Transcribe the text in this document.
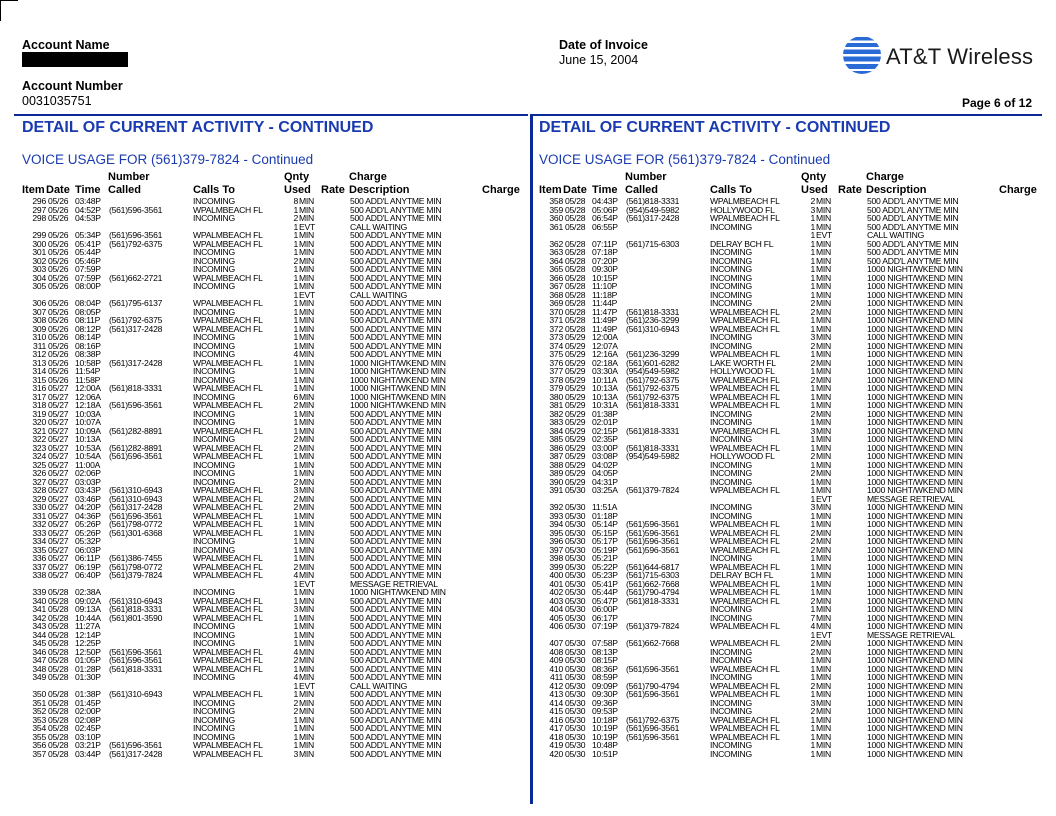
Account Name
Account Number
0031035751
Date of Invoice
June 15, 2004	AT&T Wireless
Page 6 of 12
DETAIL OF CURRENT ACTIVITY - CONTINUED	DETAIL OF CURRENT ACTIVITY - CONTINUED
VOICE USAGE FOR (561)379-7824 - Continued	VOICE USAGE FOR (561)379-7824 - Continued
Number	Qnty	Charge
Item Date Time Called	Calls To	Used Rate Description	Charge
Number	Qnty	Charge
Item Date Time Called	Calls To	Used Rate Description	Charge
296 05/26 03:48P	INCOMING	8 MIN	500 ADD'L ANYTME MIN
297 05/26 04:52P (561)596-3561	WPALMBEACH FL	1 MIN	500 ADD'L ANYTME MIN
298 05/26 04:53P	INCOMING	2 MIN	500 ADD'L ANYTME MIN
1 EVT	CALL WAITING
299 05/26 05:34P (561)596-3561	WPALMBEACH FL	1 MIN	500 ADD'L ANYTME MIN
300 05/26 05:41P (561)792-6375	WPALMBEACH FL	1 MIN	500 ADD'L ANYTME MIN
301 05/26 05:44P	INCOMING	1 MIN	500 ADD'L ANYTME MIN
302 05/26 05:46P	INCOMING	2 MIN	500 ADD'L ANYTME MIN
303 05/26 07:59P	INCOMING	1 MIN	500 ADD'L ANYTME MIN
304 05/26 07:59P (561)662-2721	WPALMBEACH FL	1 MIN	500 ADD'L ANYTME MIN
305 05/26 08:00P	INCOMING	1 MIN	500 ADD'L ANYTME MIN
1 EVT	CALL WAITING
306 05/26 08:04P (561)795-6137	WPALMBEACH FL	1 MIN	500 ADD'L ANYTME MIN
307 05/26 08:05P	INCOMING	1 MIN	500 ADD'L ANYTME MIN
308 05/26 08:11P	(561)792-6375	WPALMBEACH FL	1 MIN	500 ADD'L ANYTME MIN
309 05/26 08:12P (561)317-2428	WPALMBEACH FL	1 MIN	500 ADD'L ANYTME MIN
310 05/26 08:14P	INCOMING	1 MIN	500 ADD'L ANYTME MIN
311 05/26 08:16P	INCOMING	1 MIN	500 ADD'L ANYTME MIN
312 05/26 08:38P	INCOMING	4 MIN	500 ADD'L ANYTME MIN
313 05/26 10:58P (561)317-2428	WPALMBEACH FL	1 MIN	1000 NIGHT/WKEND MIN
314 05/26 11:54P	INCOMING	1 MIN	1000 NIGHT/WKEND MIN
315 05/26 11:58P	INCOMING	1 MIN	1000 NIGHT/WKEND MIN
316 05/27 12:00A (561)818-3331	WPALMBEACH FL	1 MIN	1000 NIGHT/WKEND MIN
317 05/27 12:06A	INCOMING	6 MIN	1000 NIGHT/WKEND MIN
318 05/27 12:18A (561)596-3561	WPALMBEACH FL	2 MIN	1000 NIGHT/WKEND MIN
319 05/27 10:03A	INCOMING	1 MIN	500 ADD'L ANYTME MIN
320 05/27 10:07A	INCOMING	1 MIN	500 ADD'L ANYTME MIN
321 05/27 10:09A (561)282-8891	WPALMBEACH FL	1 MIN	500 ADD'L ANYTME MIN
322 05/27 10:13A	INCOMING	2 MIN	500 ADD'L ANYTME MIN
323 05/27 10:53A (561)282-8891	WPALMBEACH FL	2 MIN	500 ADD'L ANYTME MIN
324 05/27 10:54A (561)596-3561	WPALMBEACH FL	1 MIN	500 ADD'L ANYTME MIN
325 05/27 11:00A	INCOMING	1 MIN	500 ADD'L ANYTME MIN
326 05/27 02:06P	INCOMING	1 MIN	500 ADD'L ANYTME MIN
327 05/27 03:03P	INCOMING	2 MIN	500 ADD'L ANYTME MIN
328 05/27 03:43P (561)310-6943	WPALMBEACH FL	3 MIN	500 ADD'L ANYTME MIN
329 05/27 03:46P (561)310-6943	WPALMBEACH FL	2 MIN	500 ADD'L ANYTME MIN
330 05/27 04:20P (561)317-2428	WPALMBEACH FL	2 MIN	500 ADD'L ANYTME MIN
331 05/27 04:36P (561)596-3561	WPALMBEACH FL	1 MIN	500 ADD'L ANYTME MIN
332 05/27 05:26P (561)798-0772	WPALMBEACH FL	1 MIN	500 ADD'L ANYTME MIN
333 05/27 05:26P (561)301-6368	WPALMBEACH FL	1 MIN	500 ADD'L ANYTME MIN
334 05/27 05:32P	INCOMING	1 MIN	500 ADD'L ANYTME MIN
335 05/27 06:03P	INCOMING	1 MIN	500 ADD'L ANYTME MIN
336 05/27 06:11P	(561)386-7455	WPALMBEACH FL	1 MIN	500 ADD'L ANYTME MIN
337 05/27 06:19P (561)798-0772	WPALMBEACH FL	2 MIN	500 ADD'L ANYTME MIN
338 05/27 06:40P (561)379-7824	WPALMBEACH FL	4 MIN	500 ADD'L ANYTME MIN
1 EVT	MESSAGE RETRIEVAL
339 05/28 02:38A	INCOMING	1 MIN	1000 NIGHT/WKEND MIN
340 05/28 09:02A (561)310-6943	WPALMBEACH FL	1 MIN	500 ADD'L ANYTME MIN
341 05/28 09:13A (561)818-3331	WPALMBEACH FL	3 MIN	500 ADD'L ANYTME MIN
342 05/28 10:44A (561)801-3590	WPALMBEACH FL	1 MIN	500 ADD'L ANYTME MIN
343 05/28 11:27A	INCOMING	1 MIN	500 ADD'L ANYTME MIN
344 05/28 12:14P	INCOMING	1 MIN	500 ADD'L ANYTME MIN
345 05/28 12:25P	INCOMING	1 MIN	500 ADD'L ANYTME MIN
346 05/28 12:50P (561)596-3561	WPALMBEACH FL	4 MIN	500 ADD'L ANYTME MIN
347 05/28 01:05P (561)596-3561	WPALMBEACH FL	2 MIN	500 ADD'L ANYTME MIN
348 05/28 01:28P (561)818-3331	WPALMBEACH FL	1 MIN	500 ADD'L ANYTME MIN
349 05/28 01:30P	INCOMING	4 MIN	500 ADD'L ANYTME MIN
1 EVT	CALL WAITING
350 05/28 01:38P (561)310-6943	WPALMBEACH FL	1 MIN	500 ADD'L ANYTME MIN
351 05/28 01:45P	INCOMING	2 MIN	500 ADD'L ANYTME MIN
352 05/28 02:00P	INCOMING	2 MIN	500 ADD'L ANYTME MIN
353 05/28 02:08P	INCOMING	1 MIN	500 ADD'L ANYTME MIN
354 05/28 02:45P	INCOMING	1 MIN	500 ADD'L ANYTME MIN
355 05/28 03:10P	INCOMING	1 MIN	500 ADD'L ANYTME MIN
356 05/28 03:21P (561)596-3561	WPALMBEACH FL	1 MIN	500 ADD'L ANYTME MIN
357 05/28 03:44P (561)317-2428	WPALMBEACH FL	3 MIN	500 ADD'L ANYTME MIN
358 05/28 04:43P (561)818-3331	WPALMBEACH FL	2 MIN	500 ADD'L ANYTME MIN
359 05/28 05:06P (954)549-5982	HOLLYWOOD FL	3 MIN	500 ADD'L ANYTME MIN
360 05/28 06:54P (561)317-2428	WPALMBEACH FL	1 MIN	500 ADD'L ANYTME MIN
361 05/28 06:55P	INCOMING	1 MIN	500 ADD'L ANYTME MIN
1 EVT	CALL WAITING
362 05/28 07:11P	(561)715-6303	DELRAY BCH FL	1 MIN	500 ADD'L ANYTME MIN
363 05/28 07:18P	INCOMING	1 MIN	500 ADD'L ANYTME MIN
364 05/28 07:20P	INCOMING	1 MIN	500 ADD'L ANYTME MIN
365 05/28 09:30P	INCOMING	1 MIN	1000 NIGHT/WKEND MIN
366 05/28 10:15P	INCOMING	1 MIN	1000 NIGHT/WKEND MIN
367 05/28 11:10P	INCOMING	1 MIN	1000 NIGHT/WKEND MIN
368 05/28 11:18P	INCOMING	1 MIN	1000 NIGHT/WKEND MIN
369 05/28 11:44P	INCOMING	2 MIN	1000 NIGHT/WKEND MIN
370 05/28 11:47P	(561)818-3331	WPALMBEACH FL	2 MIN	1000 NIGHT/WKEND MIN
371 05/28 11:49P	(561)236-3299	WPALMBEACH FL	1 MIN	1000 NIGHT/WKEND MIN
372 05/28 11:49P	(561)310-6943	WPALMBEACH FL	1 MIN	1000 NIGHT/WKEND MIN
373 05/29 12:00A	INCOMING	3 MIN	1000 NIGHT/WKEND MIN
374 05/29 12:07A	INCOMING	2 MIN	1000 NIGHT/WKEND MIN
375 05/29 12:16A (561)236-3299	WPALMBEACH FL	1 MIN	1000 NIGHT/WKEND MIN
376 05/29 02:18A (561)601-6282	LAKE WORTH FL	2 MIN	1000 NIGHT/WKEND MIN
377 05/29 03:30A (954)549-5982	HOLLYWOOD FL	1 MIN	1000 NIGHT/WKEND MIN
378 05/29 10:11A	(561)792-6375	WPALMBEACH FL	2 MIN	1000 NIGHT/WKEND MIN
379 05/29 10:13A (561)792-6375	WPALMBEACH FL	1 MIN	1000 NIGHT/WKEND MIN
380 05/29 10:13A (561)792-6375	WPALMBEACH FL	1 MIN	1000 NIGHT/WKEND MIN
381 05/29 10:31A (561)818-3331	WPALMBEACH FL	1 MIN	1000 NIGHT/WKEND MIN
382 05/29 01:38P	INCOMING	2 MIN	1000 NIGHT/WKEND MIN
383 05/29 02:01P	INCOMING	1 MIN	1000 NIGHT/WKEND MIN
384 05/29 02:15P (561)818-3331	WPALMBEACH FL	3 MIN	1000 NIGHT/WKEND MIN
385 05/29 02:35P	INCOMING	1 MIN	1000 NIGHT/WKEND MIN
386 05/29 03:00P (561)818-3331	WPALMBEACH FL	1 MIN	1000 NIGHT/WKEND MIN
387 05/29 03:08P (954)549-5982	HOLLYWOOD FL	2 MIN	1000 NIGHT/WKEND MIN
388 05/29 04:02P	INCOMING	1 MIN	1000 NIGHT/WKEND MIN
389 05/29 04:05P	INCOMING	2 MIN	1000 NIGHT/WKEND MIN
390 05/29 04:31P	INCOMING	1 MIN	1000 NIGHT/WKEND MIN
391 05/30 03:25A (561)379-7824	WPALMBEACH FL	1 MIN	1000 NIGHT/WKEND MIN
1 EVT	MESSAGE RETRIEVAL
392 05/30 11:51A	INCOMING	3 MIN	1000 NIGHT/WKEND MIN
393 05/30 01:18P	INCOMING	1 MIN	1000 NIGHT/WKEND MIN
394 05/30 05:14P (561)596-3561	WPALMBEACH FL	1 MIN	1000 NIGHT/WKEND MIN
395 05/30 05:15P (561)596-3561	WPALMBEACH FL	2 MIN	1000 NIGHT/WKEND MIN
396 05/30 05:17P (561)596-3561	WPALMBEACH FL	2 MIN	1000 NIGHT/WKEND MIN
397 05/30 05:19P (561)596-3561	WPALMBEACH FL	2 MIN	1000 NIGHT/WKEND MIN
398 05/30 05:21P	INCOMING	1 MIN	1000 NIGHT/WKEND MIN
399 05/30 05:22P (561)644-6817	WPALMBEACH FL	1 MIN	1000 NIGHT/WKEND MIN
400 05/30 05:23P (561)715-6303	DELRAY BCH FL	1 MIN	1000 NIGHT/WKEND MIN
401 05/30 05:41P (561)662-7668	WPALMBEACH FL	1 MIN	1000 NIGHT/WKEND MIN
402 05/30 05:44P (561)790-4794	WPALMBEACH FL	1 MIN	1000 NIGHT/WKEND MIN
403 05/30 05:47P (561)818-3331	WPALMBEACH FL	2 MIN	1000 NIGHT/WKEND MIN
404 05/30 06:00P	INCOMING	1 MIN	1000 NIGHT/WKEND MIN
405 05/30 06:17P	INCOMING	7 MIN	1000 NIGHT/WKEND MIN
406 05/30 07:19P (561)379-7824	WPALMBEACH FL	4 MIN	1000 NIGHT/WKEND MIN
1 EVT	MESSAGE RETRIEVAL
407 05/30 07:58P (561)662-7668	WPALMBEACH FL	2 MIN	1000 NIGHT/WKEND MIN
408 05/30 08:13P	INCOMING	2 MIN	1000 NIGHT/WKEND MIN
409 05/30 08:15P	INCOMING	1 MIN	1000 NIGHT/WKEND MIN
410 05/30 08:36P (561)596-3561	WPALMBEACH FL	1 MIN	1000 NIGHT/WKEND MIN
411 05/30 08:59P	INCOMING	1 MIN	1000 NIGHT/WKEND MIN
412 05/30 09:09P (561)790-4794	WPALMBEACH FL	2 MIN	1000 NIGHT/WKEND MIN
413 05/30 09:30P (561)596-3561	WPALMBEACH FL	1 MIN	1000 NIGHT/WKEND MIN
414 05/30 09:36P	INCOMING	3 MIN	1000 NIGHT/WKEND MIN
415 05/30 09:53P	INCOMING	2 MIN	1000 NIGHT/WKEND MIN
416 05/30 10:18P (561)792-6375	WPALMBEACH FL	1 MIN	1000 NIGHT/WKEND MIN
417 05/30 10:19P (561)596-3561	WPALMBEACH FL	1 MIN	1000 NIGHT/WKEND MIN
418 05/30 10:19P (561)596-3561	WPALMBEACH FL	1 MIN	1000 NIGHT/WKEND MIN
419 05/30 10:48P	INCOMING	1 MIN	1000 NIGHT/WKEND MIN
420 05/30 10:51P	INCOMING	1 MIN	1000 NIGHT/WKEND MIN
